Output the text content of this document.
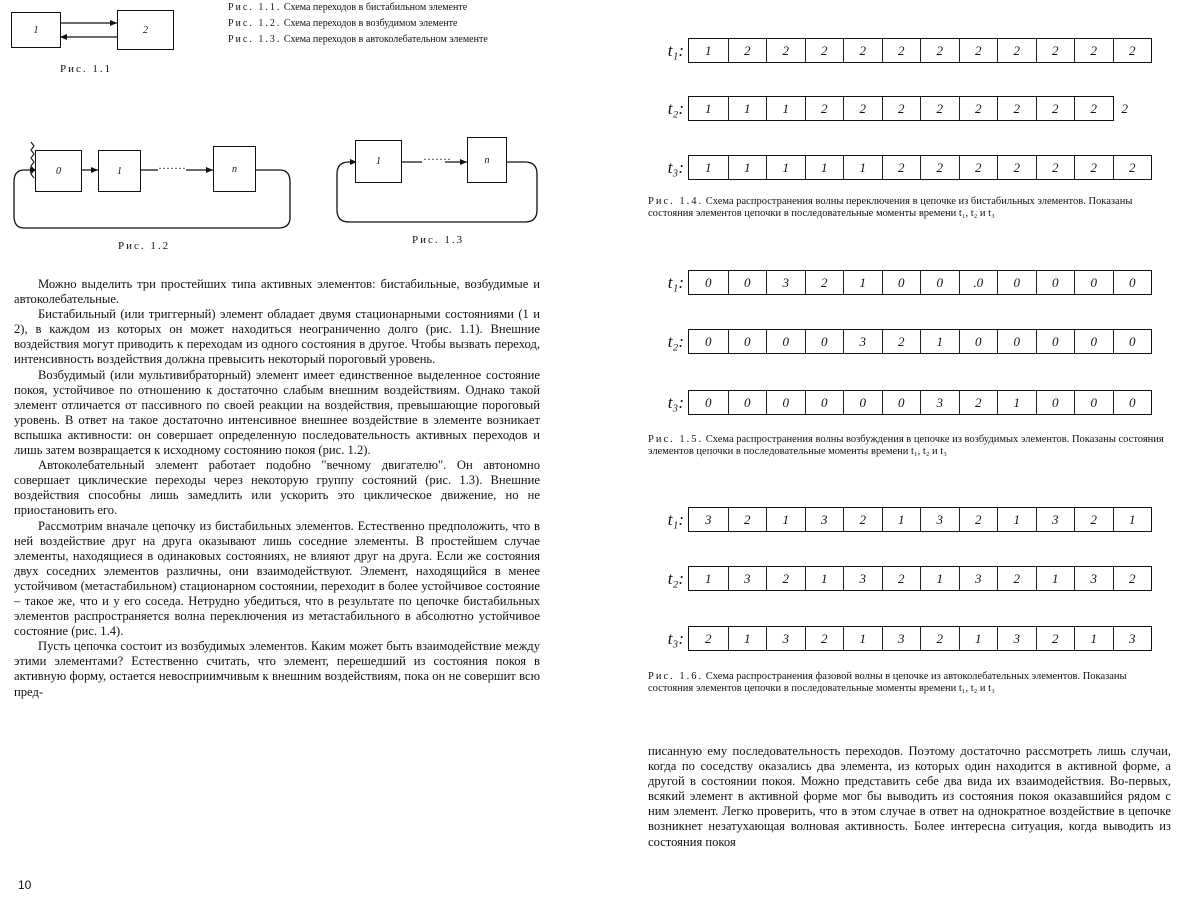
1	2
Рис. 1.1

Рис. 1.1. Схема переходов в бистабильном элементе

Рис. 1.2. Схема переходов в возбудимом элементе

Рис. 1.3. Схема переходов в автоколебательном элементе

0	1	·······	n
Рис. 1.2
1	·······	n
Рис. 1.3

Можно выделить три простейших типа активных элементов: бистабильные, возбудимые и автоколебательные.

Бистабильный (или триггерный) элемент обладает двумя стационарными состояниями (1 и 2), в каждом из которых он может находиться неограниченно долго (рис. 1.1). Внешние воздействия могут приводить к переходам из одного состояния в другое. Чтобы вызвать переход, интенсивность воздействия должна превысить некоторый пороговый уровень.

Возбудимый (или мультивибраторный) элемент имеет единственное выделенное состояние покоя, устойчивое по отношению к достаточно слабым внешним воздействиям. Однако такой элемент отличается от пассивного по своей реакции на воздействия, превышающие пороговый уровень. В ответ на такое достаточно интенсивное внешнее воздействие в элементе возникает вспышка активности: он совершает определенную последовательность активных переходов и лишь затем возвращается к исходному состоянию покоя (рис. 1.2).

Автоколебательный элемент работает подобно "вечному двигателю". Он автономно совершает циклические переходы через некоторую группу состояний (рис. 1.3). Внешние воздействия способны лишь замедлить или ускорить это циклическое движение, но не приостановить его.

Рассмотрим вначале цепочку из бистабильных элементов. Естественно предположить, что в ней воздействие друг на друга оказывают лишь соседние элементы. В простейшем случае элементы, находящиеся в одинаковых состояниях, не влияют друг на друга. Если же состояния двух соседних элементов различны, они взаимодействуют. Элемент, находящийся в менее устойчивом (метастабильном) стационарном состоянии, переходит в более устойчивое состояние – такое же, что и у его соседа. Нетрудно убедиться, что в результате по цепочке бистабильных элементов распространяется волна переключения из метастабильного в абсолютно устойчивое состояние (рис. 1.4).

Пусть цепочка состоит из возбудимых элементов. Каким может быть взаимодействие между этими элементами? Естественно считать, что элемент, перешедший из состояния покоя в активную форму, остается невосприимчивым к внешним воздействиям, пока он не совершит всю пред-

10
t₁:	1	2	2	2	2	2	2	2	2	2	2	2
t₂:	1	1	1	2	2	2	2	2	2	2	2	2
t₃:	1	1	1	1	1	2	2	2	2	2	2	2
Рис. 1.4. Схема распространения волны переключения в цепочке из бистабильных элементов. Показаны состояния элементов цепочки в последовательные моменты времени t₁, t₂ и t₃
t₁:	0	0	3	2	1	0	0	.0	0	0	0	0
t₂:	0	0	0	0	3	2	1	0	0	0	0	0
t₃:	0	0	0	0	0	0	3	2	1	0	0	0
Рис. 1.5. Схема распространения волны возбуждения в цепочке из возбудимых элементов. Показаны состояния элементов цепочки в последовательные моменты времени t₁, t₂ и t₃
t₁:	3	2	1	3	2	1	3	2	1	3	2	1
t₂:	1	3	2	1	3	2	1	3	2	1	3	2
t₃:	2	1	3	2	1	3	2	1	3	2	1	3
Рис. 1.6. Схема распространения фазовой волны в цепочке из автоколебательных элементов. Показаны состояния элементов цепочки в последовательные моменты времени t₁, t₂ и t₃

писанную ему последовательность переходов. Поэтому достаточно рассмотреть лишь случаи, когда по соседству оказались два элемента, из которых один находится в активной форме, а другой в состоянии покоя. Можно представить себе два вида их взаимодействия. Во-первых, всякий элемент в активной форме мог бы выводить из состояния покоя оказавшийся рядом с ним элемент. Легко проверить, что в этом случае в ответ на однократное воздействие в цепочке возникнет незатухающая волновая активность. Более интересна ситуация, когда выводить из состояния покоя
